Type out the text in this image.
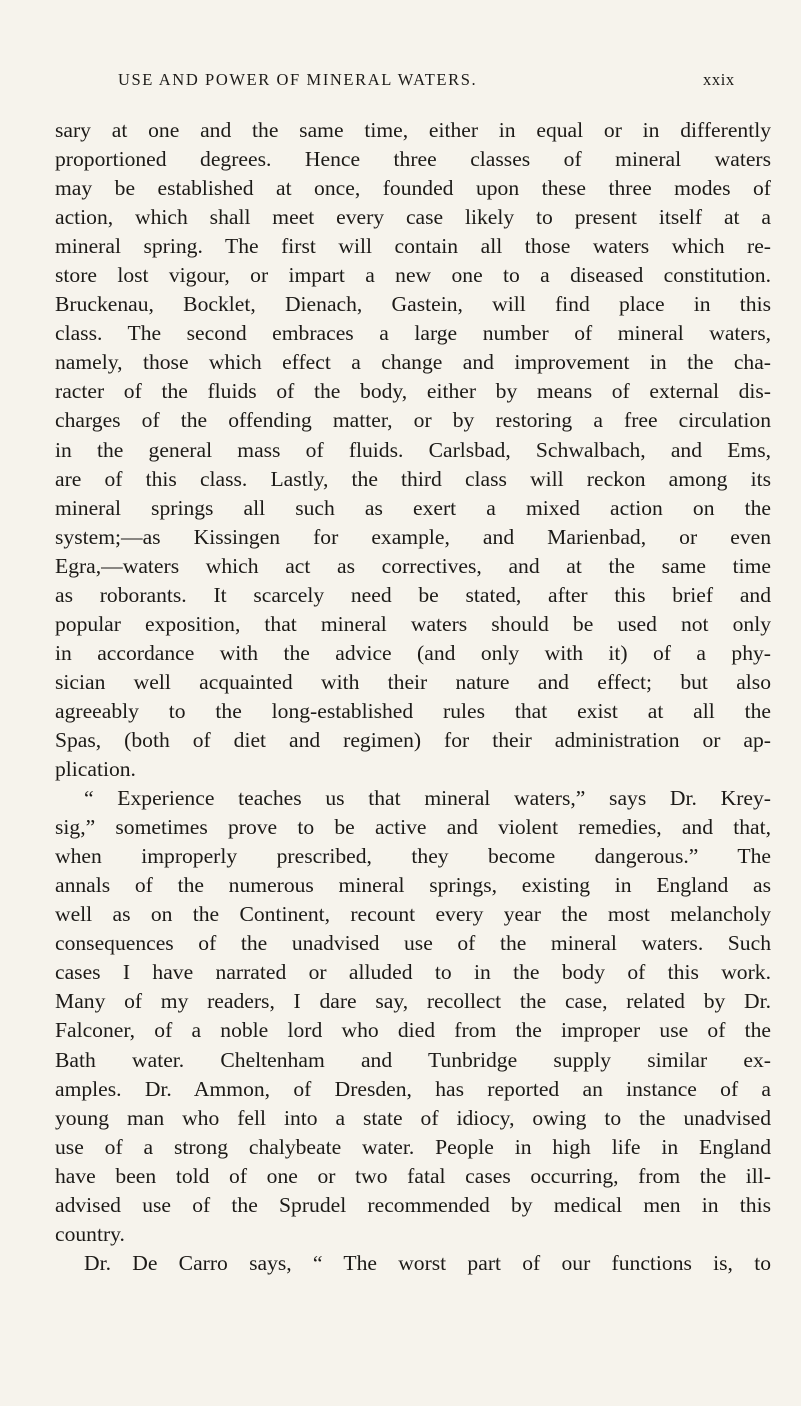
USE AND POWER OF MINERAL WATERS.	xxix
sary at one and the same time, either in equal or in differently
proportioned degrees. Hence three classes of mineral waters
may be established at once, founded upon these three modes of
action, which shall meet every case likely to present itself at a
mineral spring. The first will contain all those waters which re-
store lost vigour, or impart a new one to a diseased constitution.
Bruckenau, Bocklet, Dienach, Gastein, will find place in this
class. The second embraces a large number of mineral waters,
namely, those which effect a change and improvement in the cha-
racter of the fluids of the body, either by means of external dis-
charges of the offending matter, or by restoring a free circulation
in the general mass of fluids. Carlsbad, Schwalbach, and Ems,
are of this class. Lastly, the third class will reckon among its
mineral springs all such as exert a mixed action on the
system;—as Kissingen for example, and Marienbad, or even
Egra,—waters which act as correctives, and at the same time
as roborants. It scarcely need be stated, after this brief and
popular exposition, that mineral waters should be used not only
in accordance with the advice (and only with it) of a phy-
sician well acquainted with their nature and effect; but also
agreeably to the long-established rules that exist at all the
Spas, (both of diet and regimen) for their administration or ap-
plication.
“ Experience teaches us that mineral waters,” says Dr. Krey-
sig,” sometimes prove to be active and violent remedies, and that,
when improperly prescribed, they become dangerous.” The
annals of the numerous mineral springs, existing in England as
well as on the Continent, recount every year the most melancholy
consequences of the unadvised use of the mineral waters. Such
cases I have narrated or alluded to in the body of this work.
Many of my readers, I dare say, recollect the case, related by Dr.
Falconer, of a noble lord who died from the improper use of the
Bath water. Cheltenham and Tunbridge supply similar ex-
amples. Dr. Ammon, of Dresden, has reported an instance of a
young man who fell into a state of idiocy, owing to the unadvised
use of a strong chalybeate water. People in high life in England
have been told of one or two fatal cases occurring, from the ill-
advised use of the Sprudel recommended by medical men in this
country.
Dr. De Carro says, “ The worst part of our functions is, to
